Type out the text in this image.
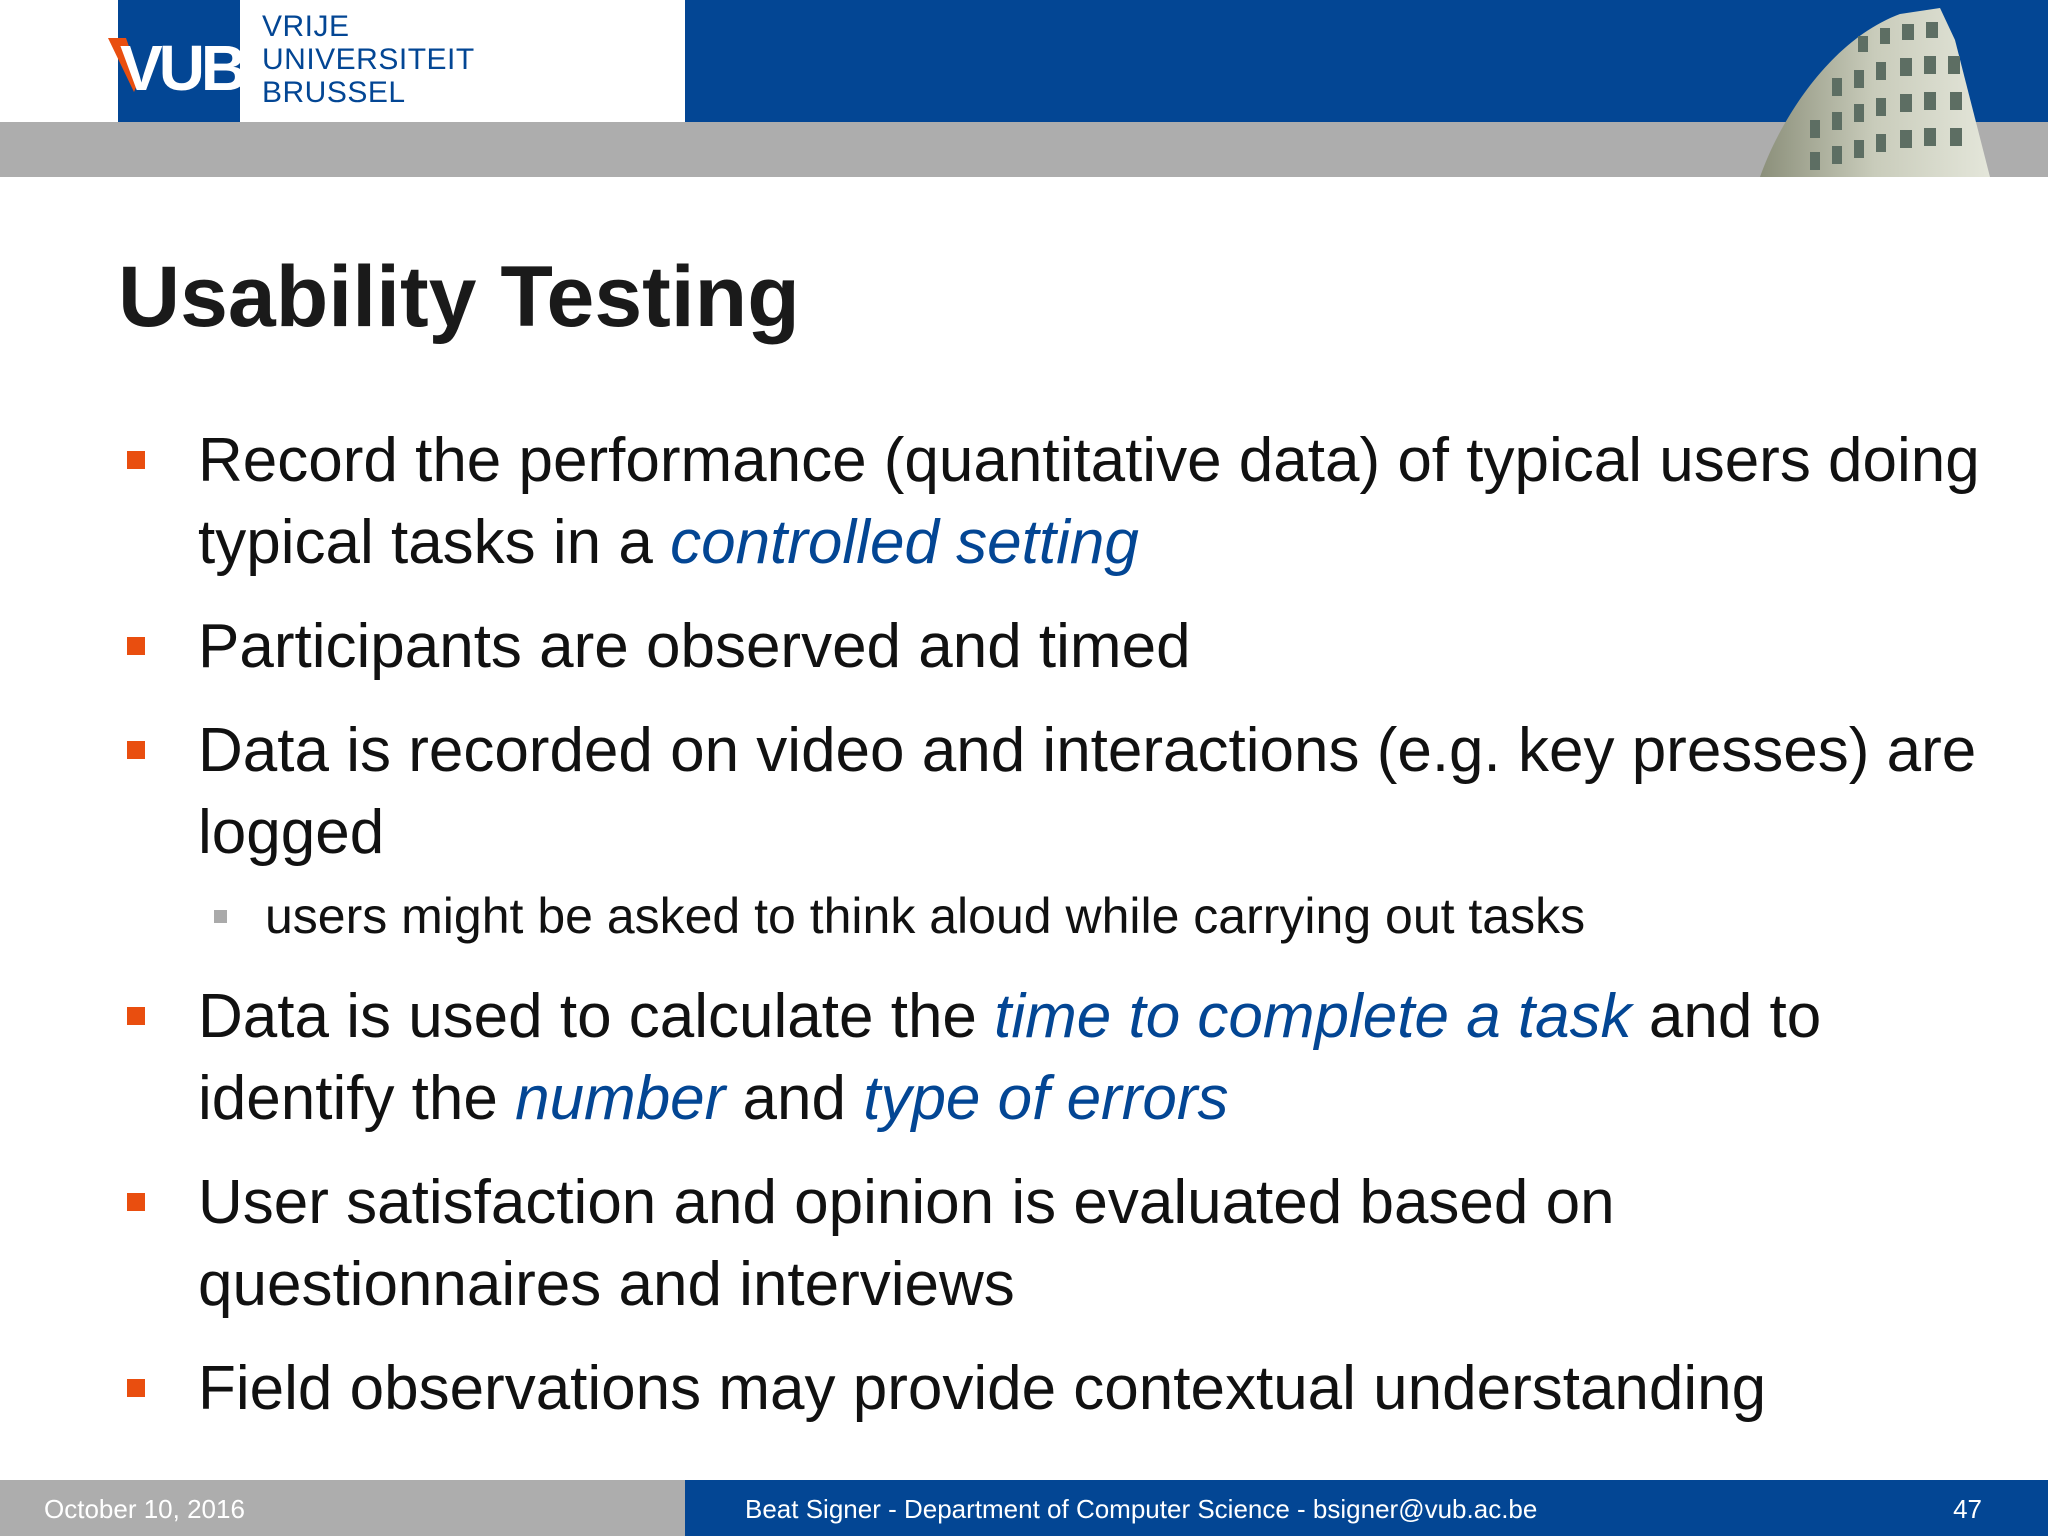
VUB
VRIJE
UNIVERSITEIT
BRUSSEL
Usability Testing
Record the performance (quantitative data) of typical users doing typical tasks in a controlled setting
Participants are observed and timed
Data is recorded on video and interactions (e.g. key presses) are logged
users might be asked to think aloud while carrying out tasks
Data is used to calculate the time to complete a task and to identify the number and type of errors
User satisfaction and opinion is evaluated based on questionnaires and interviews
Field observations may provide contextual understanding
October 10, 2016	Beat Signer - Department of Computer Science - bsigner@vub.ac.be	47
